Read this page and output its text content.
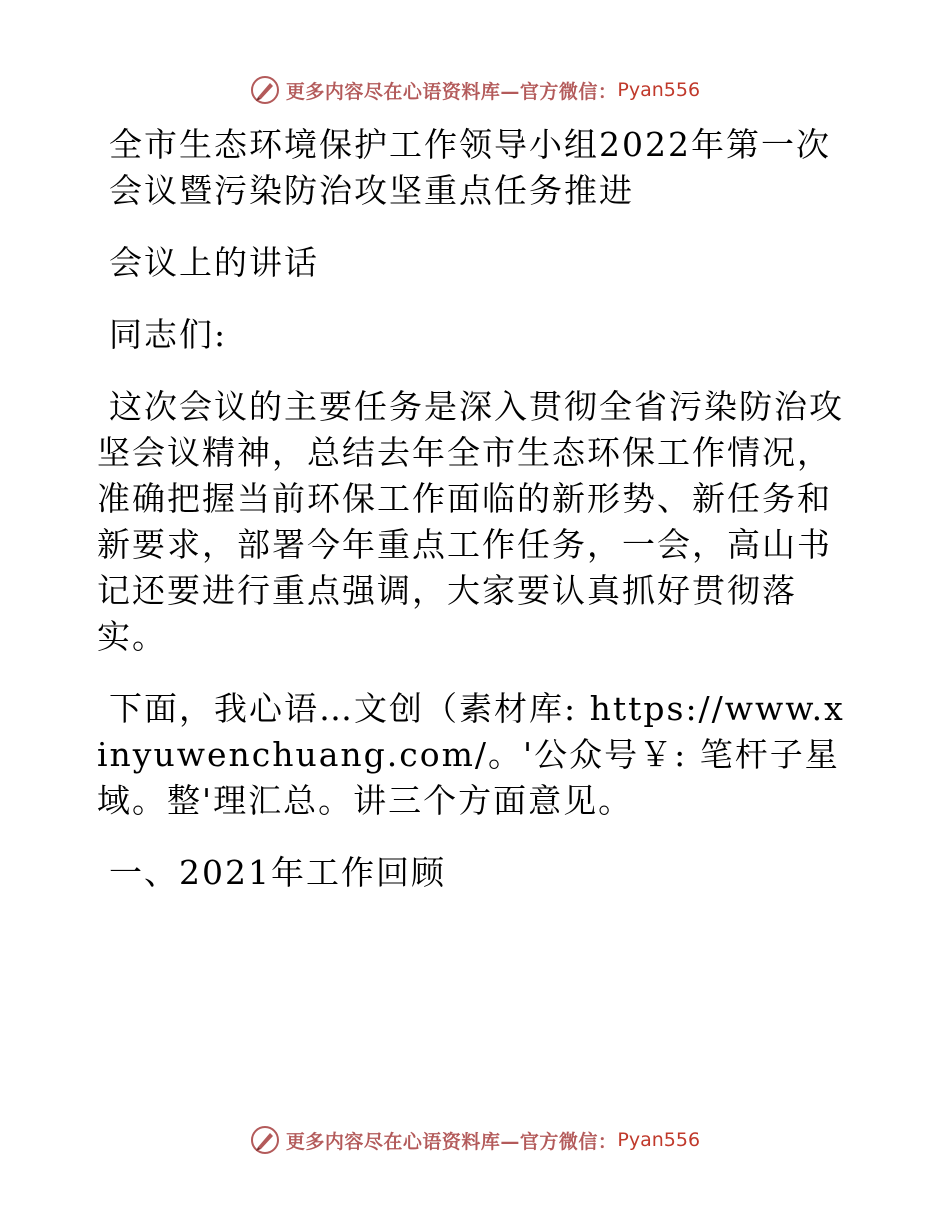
更多内容尽在心语资料库—官方微信： Pyan556

全市生态环境保护工作领导小组2022年第一次会议暨污染防治攻坚重点任务推进

会议上的讲话

同志们:

这次会议的主要任务是深入贯彻全省污染防治攻坚会议精神，总结去年全市生态环保工作情况，准确把握当前环保工作面临的新形势、新任务和新要求，部署今年重点工作任务，一会，高山书记还要进行重点强调，大家要认真抓好贯彻落实。

下面，我心语…文创（素材库: https://www.xinyuwenchuang.com/。'公众号￥: 笔杆子星域。整'理汇总。讲三个方面意见。

一、2021年工作回顾

更多内容尽在心语资料库—官方微信： Pyan556
